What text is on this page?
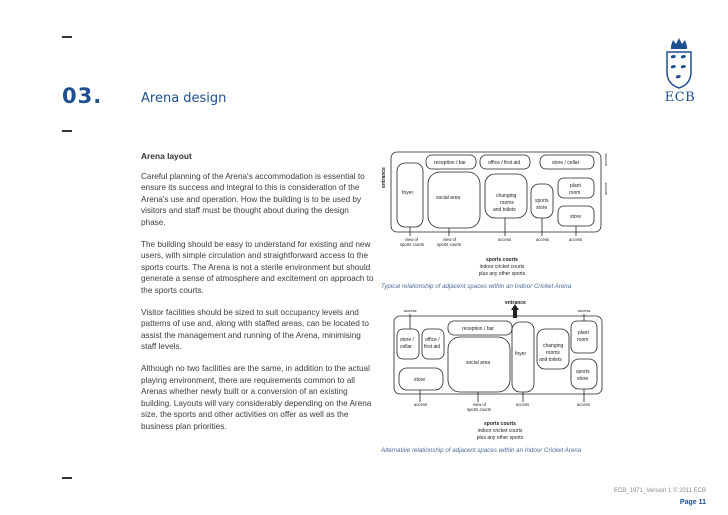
03.	Arena design	ECB
Arena layout

Careful planning of the Arena's accommodation is essential to ensure its success and integral to this is consideration of the Arena's use and operation. How the building is to be used by visitors and staff must be thought about during the design phase.

The building should be easy to understand for existing and new users, with simple circulation and straightforward access to the sports courts. The Arena is not a sterile environment but should generate a sense of atmosphere and excitement on approach to the sports courts.

Visitor facilities should be sized to suit occupancy levels and patterns of use and, along with staffed areas, can be located to assist the management and running of the Arena, minimising staff levels.

Although no two facilities are the same, in addition to the actual playing environment, there are requirements common to all Arenas whether newly built or a conversion of an existing building. Layouts will vary considerably depending on the Arena size, the sports and other activities on offer as well as the business plan priorities.

entrance
foyer
reception / bar	office / first aid	store / cellar
social area	changing
rooms
and toilets
sports
store
plant
room
store
access
access
view of
sports courts
view of
sports courts
access	access	access
sports courts
indoor cricket courts
plus any other sports
Typical relationship of adjacent spaces within an Indoor Cricket Arena
entrance
access	access
store /
cellar
office /
first aid
reception / bar
foyer
social area
changing
rooms
and toilets
plant
room
sports
store
store
access	view of
sports courts
access	access
sports courts
indoor cricket courts
plus any other sports
Alternative relationship of adjacent spaces within an Indoor Cricket Arena
ECB_1971_Version 1 © 2011 ECB
Page 11
